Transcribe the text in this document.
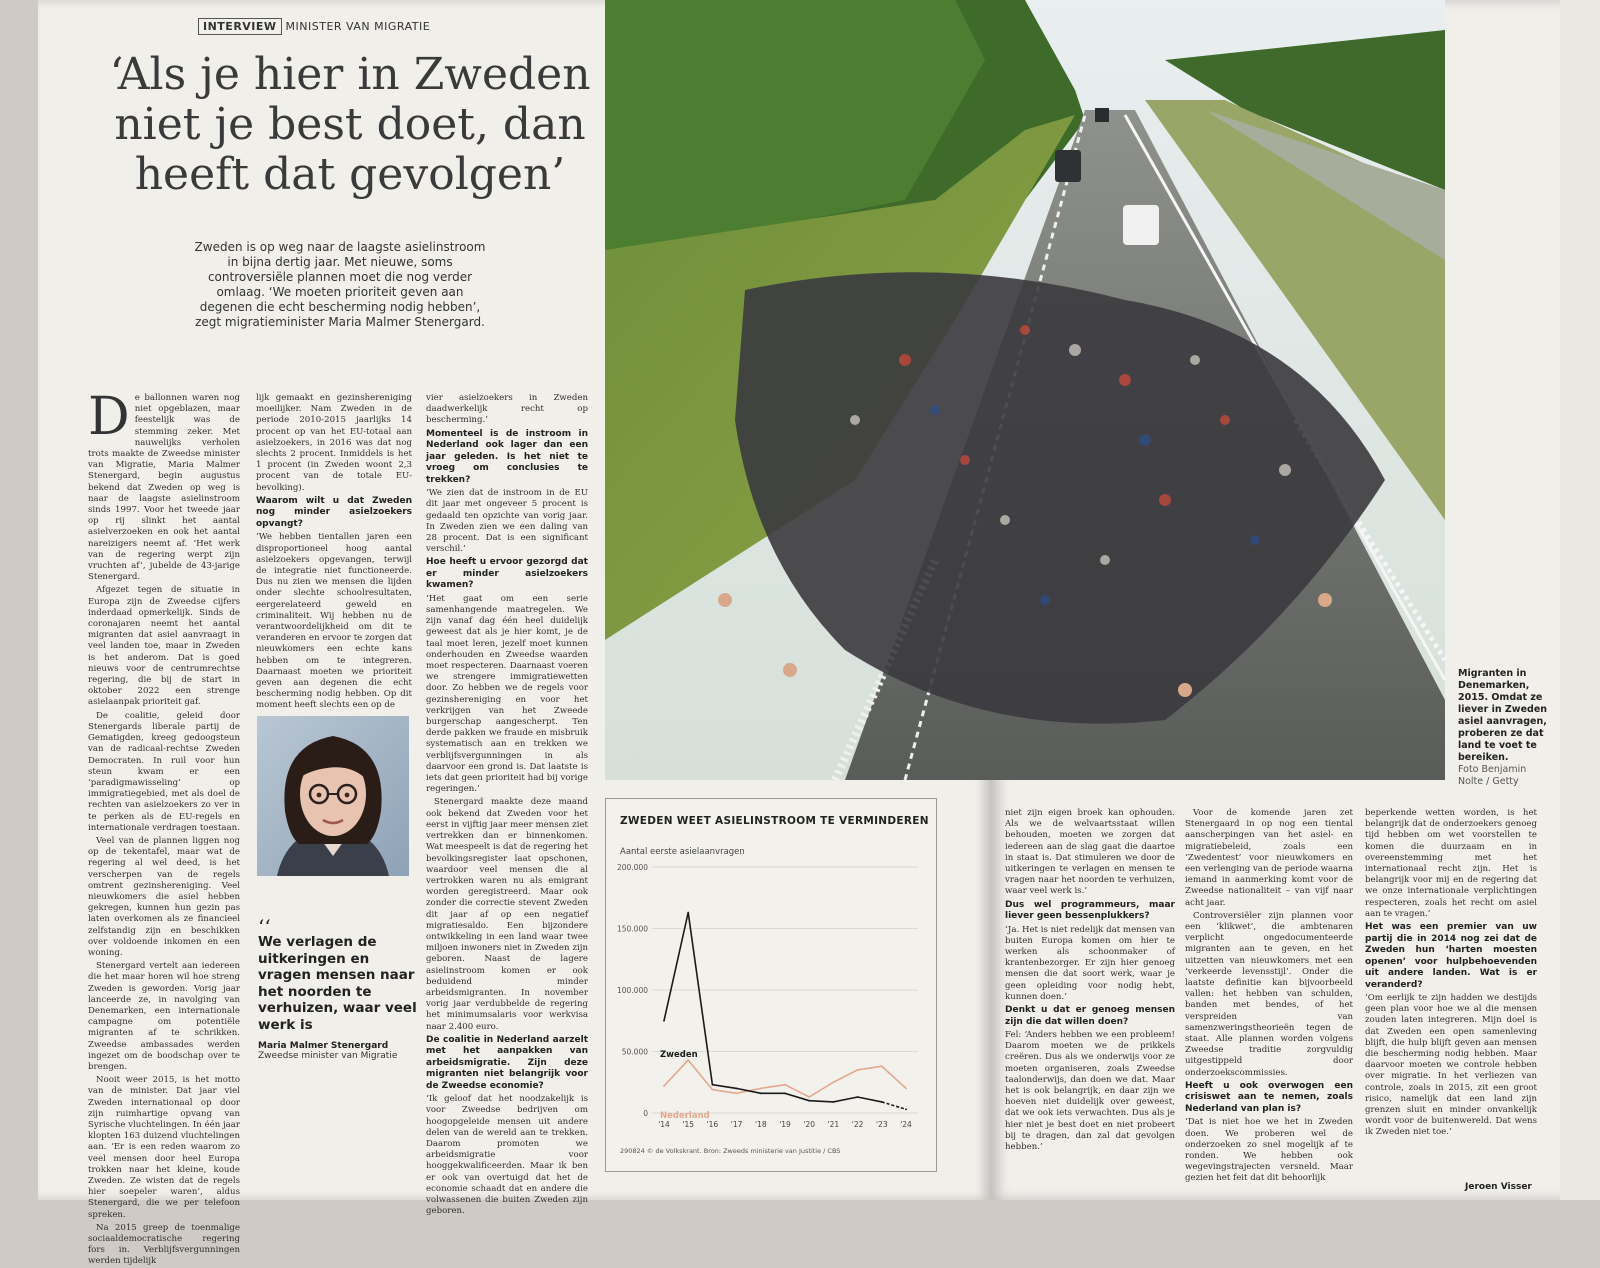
INTERVIEW MINISTER VAN MIGRATIE
‘Als je hier in Zweden niet je best doet, dan heeft dat gevolgen’
Zweden is op weg naar de laagste asielinstroom in bijna dertig jaar. Met nieuwe, soms controversiële plannen moet die nog verder omlaag. ‘We moeten prioriteit geven aan degenen die echt bescherming nodig hebben’, zegt migratieminister Maria Malmer Stenergard.
D e ballonnen waren nog niet opgeblazen, maar feestelijk was de stemming zeker. Met nauwelijks verholen trots maakte de Zweedse minister van Migratie, Maria Malmer Stenergard, begin augustus bekend dat Zweden op weg is naar de laagste asielinstroom sinds 1997. Voor het tweede jaar op rij slinkt het aantal asielverzoeken en ook het aantal nareizigers neemt af. ‘Het werk van de regering werpt zijn vruchten af’, jubelde de 43-jarige Stenergard.

Afgezet tegen de situatie in Europa zijn de Zweedse cijfers inderdaad opmerkelijk. Sinds de coronajaren neemt het aantal migranten dat asiel aanvraagt in veel landen toe, maar in Zweden is het anderom. Dat is goed nieuws voor de centrumrechtse regering, die bij de start in oktober 2022 een strenge asielaanpak prioriteit gaf.

De coalitie, geleid door Stenergards liberale partij de Gematigden, kreeg gedoogsteun van de radicaal-rechtse Zweden Democraten. In ruil voor hun steun kwam er een ‘paradigmawisseling’ op immigratiegebied, met als doel de rechten van asielzoekers zo ver in te perken als de EU-regels en internationale verdragen toestaan.

Veel van de plannen liggen nog op de tekentafel, maar wat de regering al wel deed, is het verscherpen van de regels omtrent gezinshereniging. Veel nieuwkomers die asiel hebben gekregen, kunnen hun gezin pas laten overkomen als ze financieel zelfstandig zijn en beschikken over voldoende inkomen en een woning.

Stenergard vertelt aan iedereen die het maar horen wil hoe streng Zweden is geworden. Vorig jaar lanceerde ze, in navolging van Denemarken, een internationale campagne om potentiële migranten af te schrikken. Zweedse ambassades werden ingezet om de boodschap over te brengen.

Nooit weer 2015, is het motto van de minister. Dat jaar viel Zweden internationaal op door zijn ruimhartige opvang van Syrische vluchtelingen. In één jaar klopten 163 duizend vluchtelingen aan. ‘Er is een reden waarom zo veel mensen door heel Europa trokken naar het kleine, koude Zweden. Ze wisten dat de regels hier soepeler waren’, aldus Stenergard, die we per telefoon spreken.

Na 2015 greep de toenmalige sociaaldemocratische regering fors in. Verblijfsvergunningen werden tijdelijk

lijk gemaakt en gezinshereniging moeilijker. Nam Zweden in de periode 2010-2015 jaarlijks 14 procent op van het EU-totaal aan asielzoekers, in 2016 was dat nog slechts 2 procent. Inmiddels is het 1 procent (in Zweden woont 2,3 procent van de totale EU-bevolking).

Waarom wilt u dat Zweden nog minder asielzoekers opvangt?

‘We hebben tientallen jaren een disproportioneel hoog aantal asielzoekers opgevangen, terwijl de integratie niet functioneerde. Dus nu zien we mensen die lijden onder slechte schoolresultaten, eergerelateerd geweld en criminaliteit. Wij hebben nu de verantwoordelijkheid om dit te veranderen en ervoor te zorgen dat nieuwkomers een echte kans hebben om te integreren. Daarnaast moeten we prioriteit geven aan degenen die echt bescherming nodig hebben. Op dit moment heeft slechts een op de

‘‘
We verlagen de uitkeringen en vragen mensen naar het noorden te verhuizen, waar veel werk is
Maria Malmer Stenergard
Zweedse minister van Migratie

vier asielzoekers in Zweden daadwerkelijk recht op bescherming.’

Momenteel is de instroom in Nederland ook lager dan een jaar geleden. Is het niet te vroeg om conclusies te trekken?

‘We zien dat de instroom in de EU dit jaar met ongeveer 5 procent is gedaald ten opzichte van vorig jaar. In Zweden zien we een daling van 28 procent. Dat is een significant verschil.’

Hoe heeft u ervoor gezorgd dat er minder asielzoekers kwamen?

‘Het gaat om een serie samenhangende maatregelen. We zijn vanaf dag één heel duidelijk geweest dat als je hier komt, je de taal moet leren, jezelf moet kunnen onderhouden en Zweedse waarden moet respecteren. Daarnaast voeren we strengere immigratiewetten door. Zo hebben we de regels voor gezinshereniging en voor het verkrijgen van het Zweede burgerschap aangescherpt. Ten derde pakken we fraude en misbruik systematisch aan en trekken we verblijfsvergunningen in als daarvoor een grond is. Dat laatste is iets dat geen prioriteit had bij vorige regeringen.’

Stenergard maakte deze maand ook bekend dat Zweden voor het eerst in vijftig jaar meer mensen ziet vertrekken dan er binnenkomen. Wat meespeelt is dat de regering het bevolkingsregister laat opschonen, waardoor veel mensen die al vertrokken waren nu als emigrant worden geregistreerd. Maar ook zonder die correctie stevent Zweden dit jaar af op een negatief migratiesaldo. Een bijzondere ontwikkeling in een land waar twee miljoen inwoners niet in Zweden zijn geboren. Naast de lagere asielinstroom komen er ook beduidend minder arbeidsmigranten. In november vorig jaar verdubbelde de regering het minimumsalaris voor werkvisa naar 2.400 euro.

De coalitie in Nederland aarzelt met het aanpakken van arbeidsmigratie. Zijn deze migranten niet belangrijk voor de Zweedse economie?

‘Ik geloof dat het noodzakelijk is voor Zweedse bedrijven om hoogopgeleide mensen uit andere delen van de wereld aan te trekken. Daarom promoten we arbeidsmigratie voor hooggekwalificeerden. Maar ik ben er ook van overtuigd dat het de economie schaadt dat en andere die volwassenen die buiten Zweden zijn geboren.

Migranten in Denemarken, 2015. Omdat ze liever in Zweden asiel aanvragen, proberen ze dat land te voet te bereiken.
Foto Benjamin Nolte / Getty
ZWEDEN WEET ASIELINSTROOM TE VERMINDEREN
Aantal eerste asielaanvragen
200.000
150.000
100.000
50.000
0
'14 '15 '16 '17 '18 '19 '20 '21 '22 '23 '24
Zweden
Nederland
290824 © de Volkskrant. Bron: Zweeds ministerie van Justitie / CBS

niet zijn eigen broek kan ophouden. Als we de welvaartsstaat willen behouden, moeten we zorgen dat iedereen aan de slag gaat die daartoe in staat is. Dat stimuleren we door de uitkeringen te verlagen en mensen te vragen naar het noorden te verhuizen, waar veel werk is.’

Dus wel programmeurs, maar liever geen bessenplukkers?

‘Ja. Het is niet redelijk dat mensen van buiten Europa komen om hier te werken als schoonmaker of krantenbezorger. Er zijn hier genoeg mensen die dat soort werk, waar je geen opleiding voor nodig hebt, kunnen doen.’

Denkt u dat er genoeg mensen zijn die dat willen doen?

Fel: ‘Anders hebben we een probleem! Daarom moeten we de prikkels creëren. Dus als we onderwijs voor ze moeten organiseren, zoals Zweedse taalonderwijs, dan doen we dat. Maar het is ook belangrijk, en daar zijn we hoeven niet duidelijk over geweest, dat we ook iets verwachten. Dus als je hier niet je best doet en niet probeert bij te dragen, dan zal dat gevolgen hebben.’

Voor de komende jaren zet Stenergaard in op nog een tiental aanscherpingen van het asiel- en migratiebeleid, zoals een ‘Zwedentest’ voor nieuwkomers en een verlenging van de periode waarna iemand in aanmerking komt voor de Zweedse nationaliteit – van vijf naar acht jaar.

Controversiëler zijn plannen voor een ‘klikwet’, die ambtenaren verplicht ongedocumenteerde migranten aan te geven, en het uitzetten van nieuwkomers met een ‘verkeerde levensstijl’. Onder die laatste definitie kan bijvoorbeeld vallen: het hebben van schulden, banden met bendes, of het verspreiden van samenzweringstheorieën tegen de staat. Alle plannen worden volgens Zweedse traditie zorgvuldig uitgestippeld door onderzoekscommissies.

Heeft u ook overwogen een crisiswet aan te nemen, zoals Nederland van plan is?

‘Dat is niet hoe we het in Zweden doen. We proberen wel de onderzoeken zo snel mogelijk af te ronden. We hebben ook wegevingstrajecten versneld. Maar gezien het feit dat dit behoorlijk

beperkende wetten worden, is het belangrijk dat de onderzoekers genoeg tijd hebben om wet voorstellen te komen die duurzaam en in overeenstemming met het internationaal recht zijn. Het is belangrijk voor mij en de regering dat we onze internationale verplichtingen respecteren, zoals het recht om asiel aan te vragen.’

Het was een premier van uw partij die in 2014 nog zei dat de Zweden hun ‘harten moesten openen’ voor hulpbehoevenden uit andere landen. Wat is er veranderd?

‘Om eerlijk te zijn hadden we destijds geen plan voor hoe we al die mensen zouden laten integreren. Mijn doel is dat Zweden een open samenleving blijft, die hulp blijft geven aan mensen die bescherming nodig hebben. Maar daarvoor moeten we controle hebben over migratie. In het verliezen van controle, zoals in 2015, zit een groot risico, namelijk dat een land zijn grenzen sluit en minder onvankelijk wordt voor de buitenwereld. Dat wens ik Zweden niet toe.’

Jeroen Visser
